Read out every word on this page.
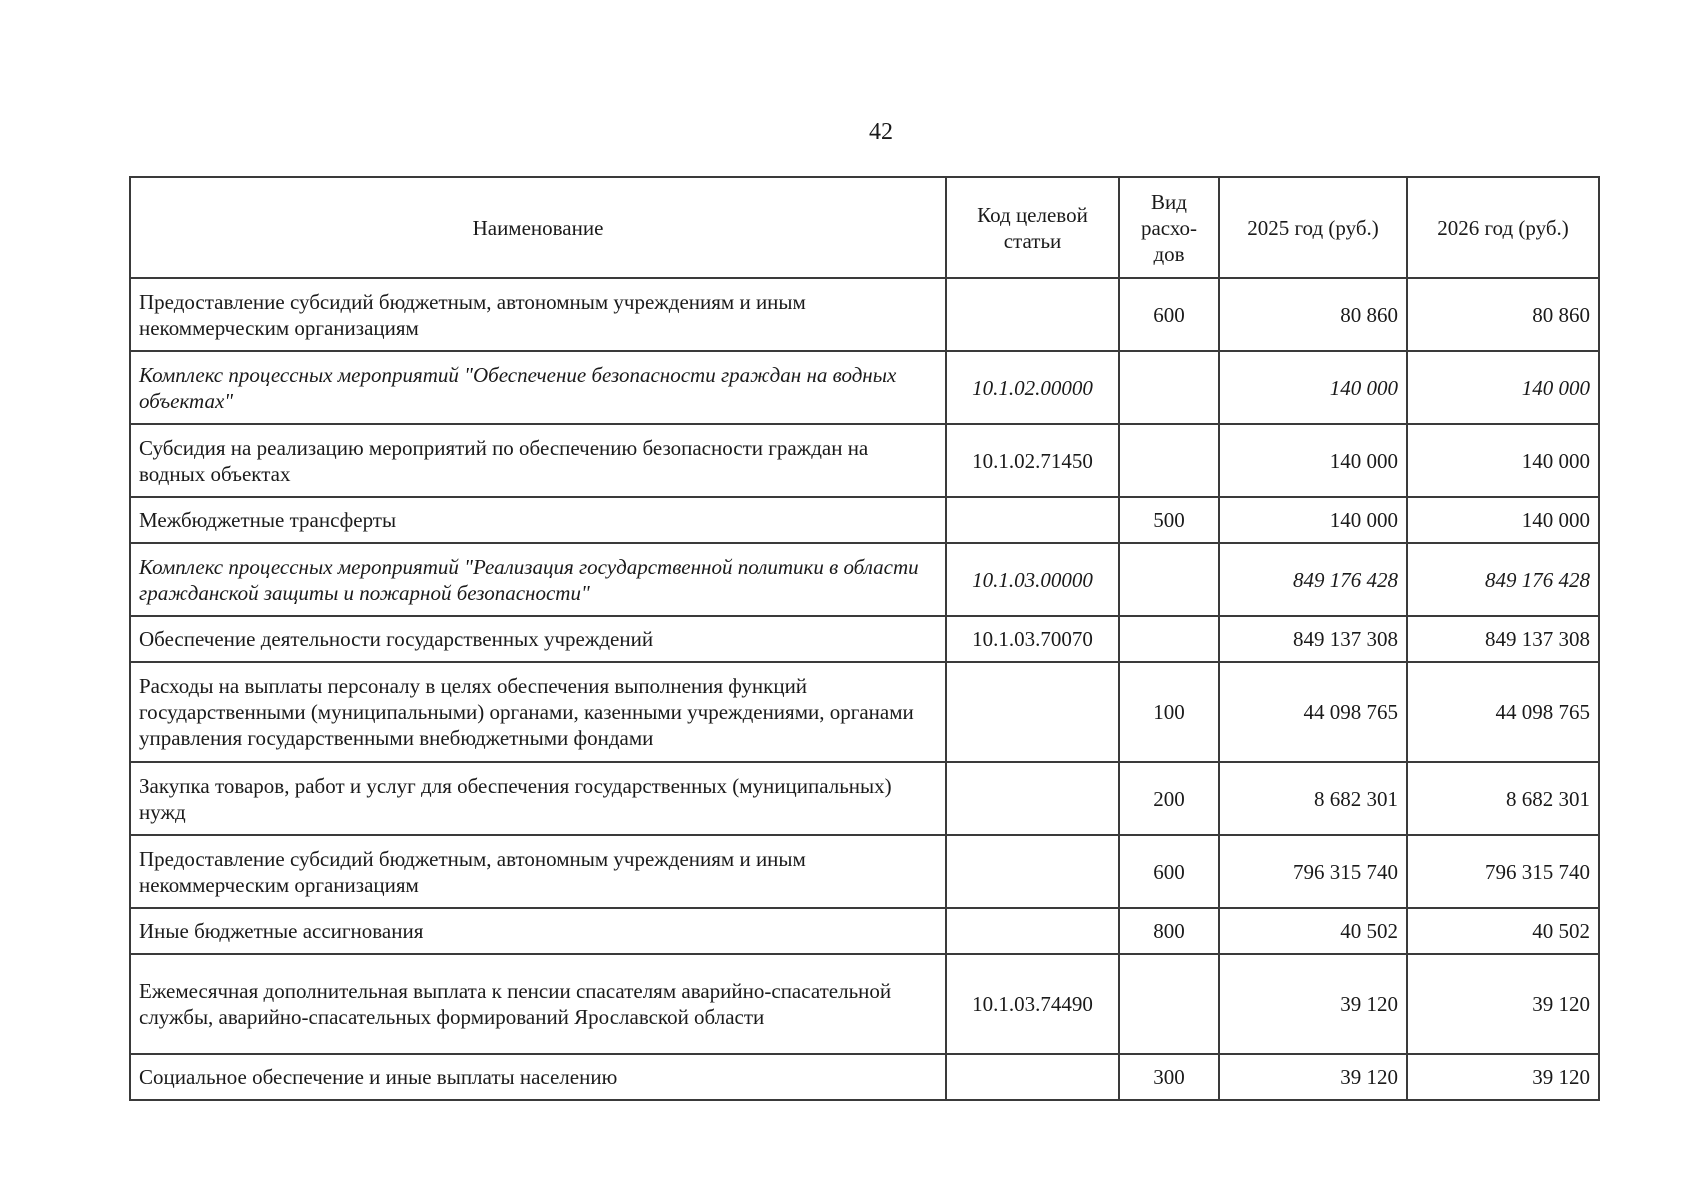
42
Наименование	Код целевой статьи	Вид расхо-дов	2025 год (руб.)	2026 год (руб.)
Предоставление субсидий бюджетным, автономным учреждениям и иным некоммерческим организациям		600	80 860	80 860
Комплекс процессных мероприятий "Обеспечение безопасности граждан на водных объектах"	10.1.02.00000		140 000	140 000
Субсидия на реализацию мероприятий по обеспечению безопасности граждан на водных объектах	10.1.02.71450		140 000	140 000
Межбюджетные трансферты		500	140 000	140 000
Комплекс процессных мероприятий "Реализация государственной политики в области гражданской защиты и пожарной безопасности"	10.1.03.00000		849 176 428	849 176 428
Обеспечение деятельности государственных учреждений	10.1.03.70070		849 137 308	849 137 308
Расходы на выплаты персоналу в целях обеспечения выполнения функций государственными (муниципальными) органами, казенными учреждениями, органами управления государственными внебюджетными фондами		100	44 098 765	44 098 765
Закупка товаров, работ и услуг для обеспечения государственных (муниципальных) нужд		200	8 682 301	8 682 301
Предоставление субсидий бюджетным, автономным учреждениям и иным некоммерческим организациям		600	796 315 740	796 315 740
Иные бюджетные ассигнования		800	40 502	40 502
Ежемесячная дополнительная выплата к пенсии спасателям аварийно-спасательной службы, аварийно-спасательных формирований Ярославской области	10.1.03.74490		39 120	39 120
Социальное обеспечение и иные выплаты населению		300	39 120	39 120
